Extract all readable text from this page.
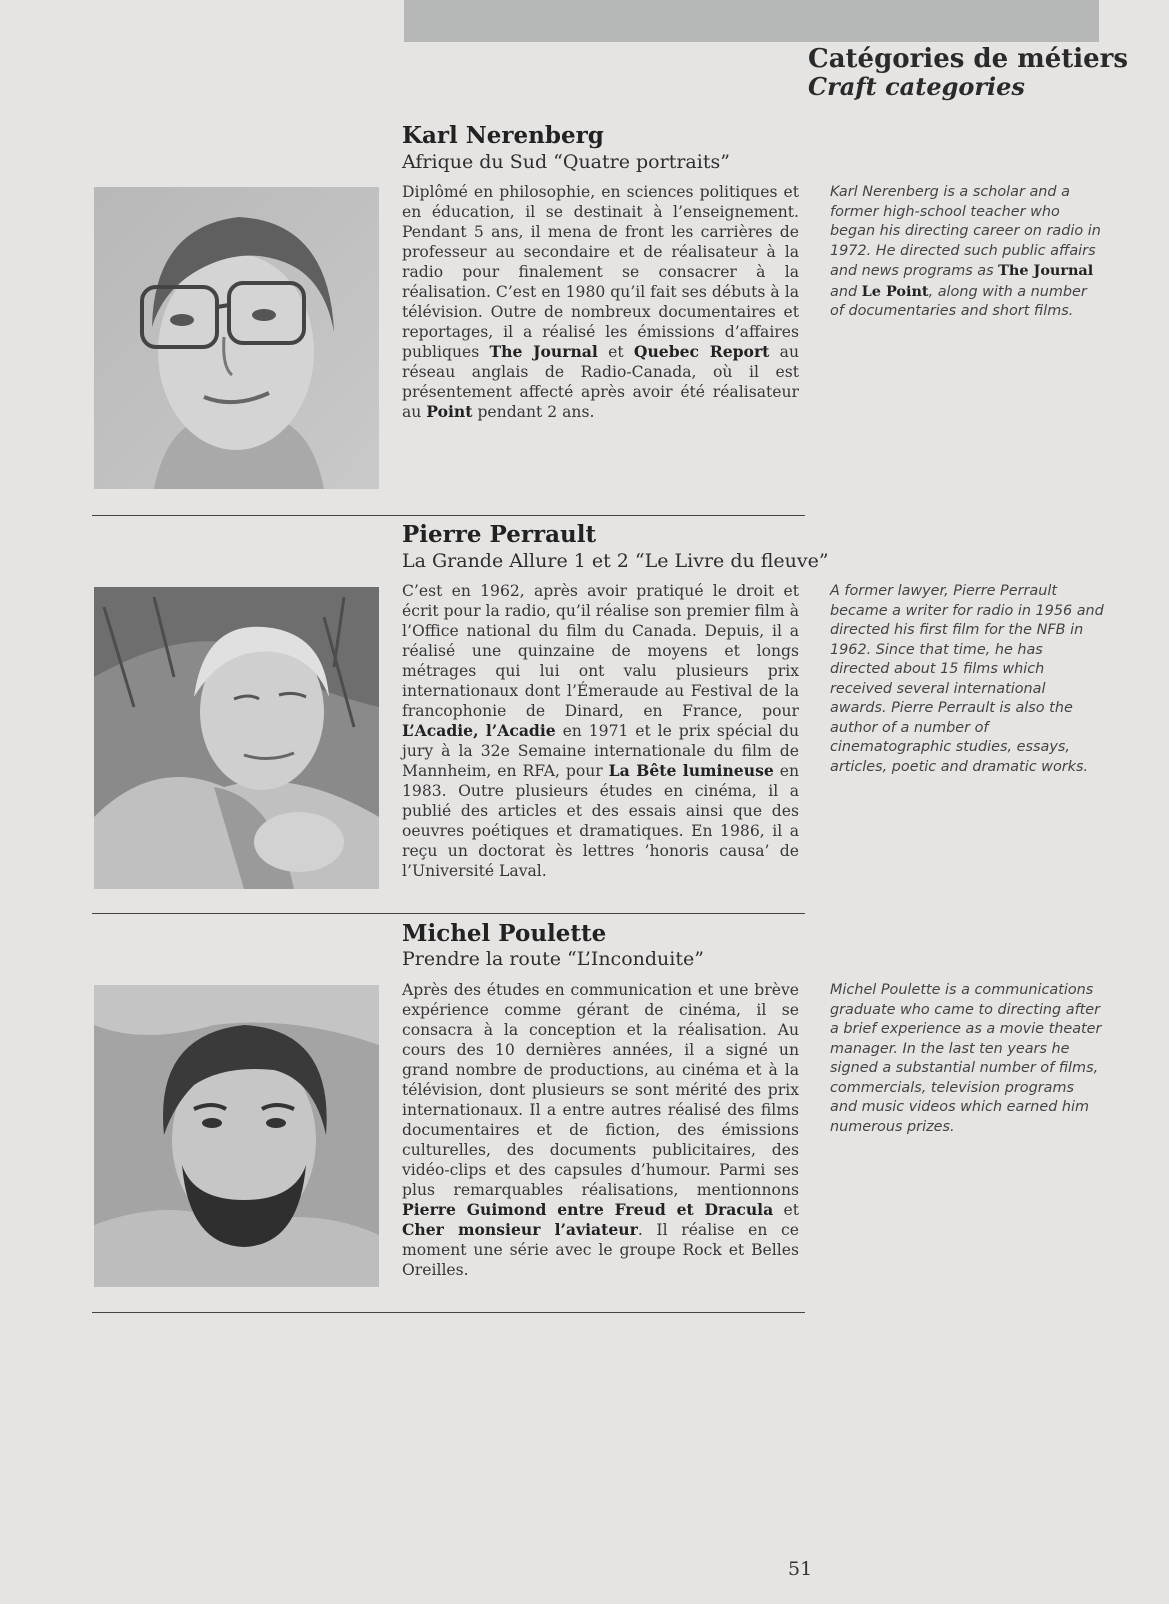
Catégories de métiers
Craft categories
Karl Nerenberg
Afrique du Sud “Quatre portraits”
Diplômé en philosophie, en sciences politiques et en éducation, il se destinait à l’enseignement. Pendant 5 ans, il mena de front les carrières de professeur au secondaire et de réalisateur à la radio pour finalement se consacrer à la réalisation. C’est en 1980 qu’il fait ses débuts à la télévision. Outre de nombreux documentaires et reportages, il a réalisé les émissions d’affaires publiques The Journal et Quebec Report au réseau anglais de Radio-Canada, où il est présentement affecté après avoir été réalisateur au Point pendant 2 ans.
Karl Nerenberg is a scholar and a former high-school teacher who began his directing career on radio in 1972. He directed such public affairs and news programs as The Journal and Le Point, along with a number of documentaries and short films.
Pierre Perrault
La Grande Allure 1 et 2 “Le Livre du fleuve”
C’est en 1962, après avoir pratiqué le droit et écrit pour la radio, qu’il réalise son premier film à l’Office national du film du Canada. Depuis, il a réalisé une quinzaine de moyens et longs métrages qui lui ont valu plusieurs prix internationaux dont l’Émeraude au Festival de la francophonie de Dinard, en France, pour L’Acadie, l’Acadie en 1971 et le prix spécial du jury à la 32e Semaine internationale du film de Mannheim, en RFA, pour La Bête lumineuse en 1983. Outre plusieurs études en cinéma, il a publié des articles et des essais ainsi que des oeuvres poétiques et dramatiques. En 1986, il a reçu un doctorat ès lettres ’honoris causa’ de l’Université Laval.
A former lawyer, Pierre Perrault became a writer for radio in 1956 and directed his first film for the NFB in 1962. Since that time, he has directed about 15 films which received several international awards. Pierre Perrault is also the author of a number of cinematographic studies, essays, articles, poetic and dramatic works.
Michel Poulette
Prendre la route “L’Inconduite”
Après des études en communication et une brève expérience comme gérant de cinéma, il se consacra à la conception et la réalisation. Au cours des 10 dernières années, il a signé un grand nombre de productions, au cinéma et à la télévision, dont plusieurs se sont mérité des prix internationaux. Il a entre autres réalisé des films documentaires et de fiction, des émissions culturelles, des documents publicitaires, des vidéo-clips et des capsules d’humour. Parmi ses plus remarquables réalisations, mentionnons Pierre Guimond entre Freud et Dracula et Cher monsieur l’aviateur. Il réalise en ce moment une série avec le groupe Rock et Belles Oreilles.
Michel Poulette is a communications graduate who came to directing after a brief experience as a movie theater manager. In the last ten years he signed a substantial number of films, commercials, television programs and music videos which earned him numerous prizes.
51
